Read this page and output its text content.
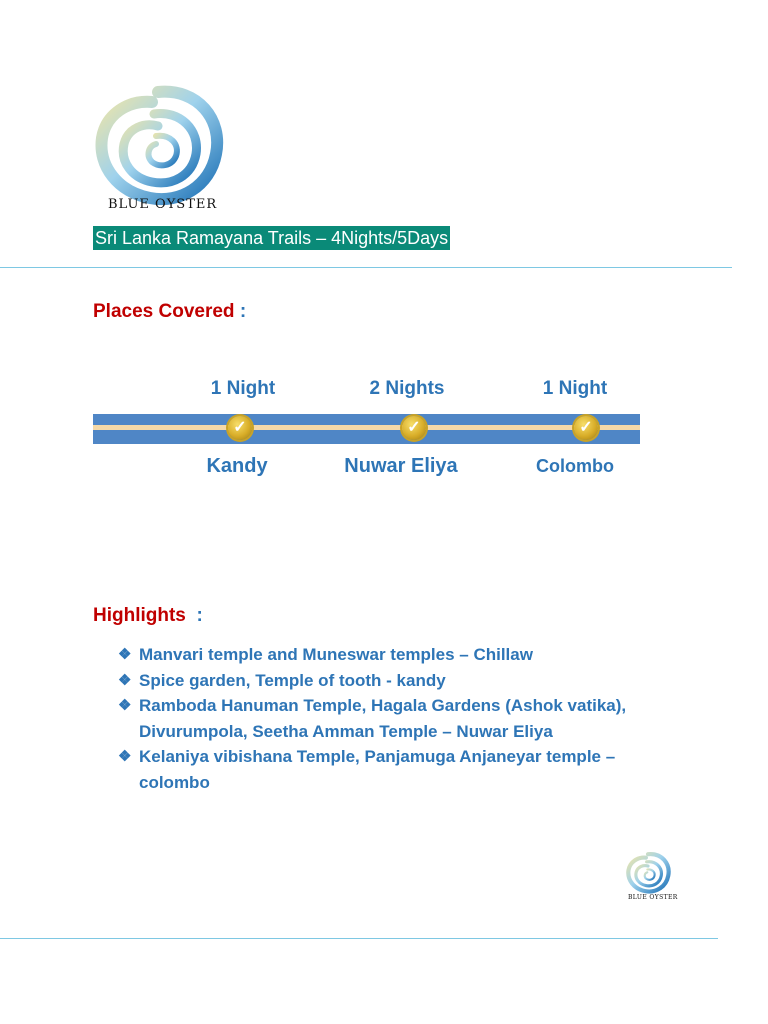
BLUE OYSTER
Sri Lanka Ramayana Trails – 4Nights/5Days
Places Covered :
1 Night	2 Nights	1 Night
✓	✓	✓
Kandy	Nuwar Eliya	Colombo
Highlights :
❖ Manvari temple and Muneswar temples – Chillaw
❖ Spice garden, Temple of tooth - kandy
❖ Ramboda Hanuman Temple, Hagala Gardens (Ashok vatika), Divurumpola, Seetha Amman Temple – Nuwar Eliya
❖ Kelaniya vibishana Temple, Panjamuga Anjaneyar temple – colombo
BLUE OYSTER
